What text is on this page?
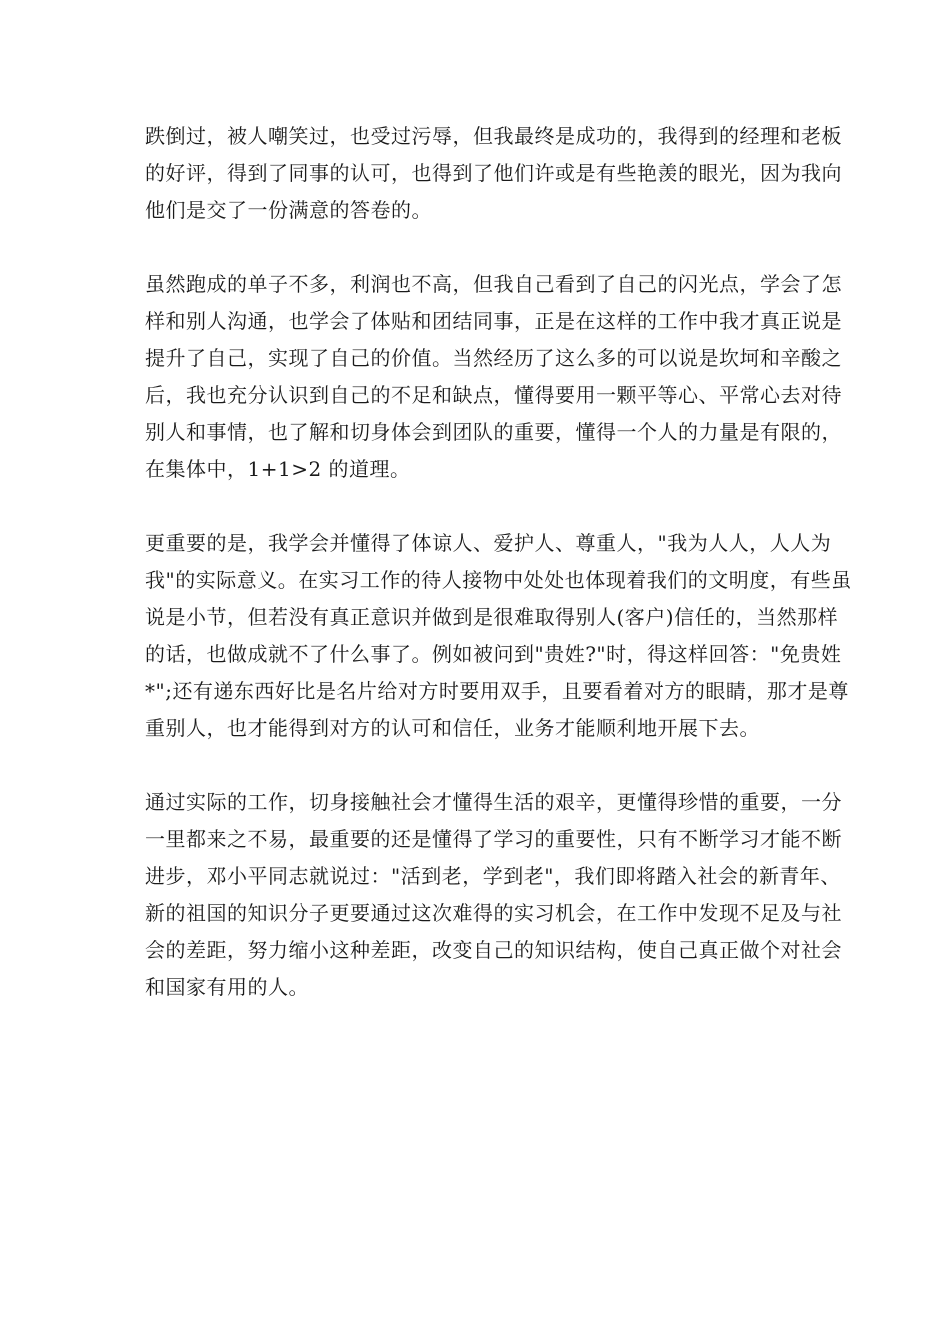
跌倒过，被人嘲笑过，也受过污辱，但我最终是成功的，我得到的经理和老板
的好评，得到了同事的认可，也得到了他们许或是有些艳羡的眼光，因为我向
他们是交了一份满意的答卷的。

虽然跑成的单子不多，利润也不高，但我自己看到了自己的闪光点，学会了怎
样和别人沟通，也学会了体贴和团结同事，正是在这样的工作中我才真正说是
提升了自己，实现了自己的价值。当然经历了这么多的可以说是坎坷和辛酸之
后，我也充分认识到自己的不足和缺点，懂得要用一颗平等心、平常心去对待
别人和事情，也了解和切身体会到团队的重要，懂得一个人的力量是有限的，
在集体中，1+1>2 的道理。

更重要的是，我学会并懂得了体谅人、爱护人、尊重人，"我为人人，人人为
我"的实际意义。在实习工作的待人接物中处处也体现着我们的文明度，有些虽
说是小节，但若没有真正意识并做到是很难取得别人(客户)信任的，当然那样
的话，也做成就不了什么事了。例如被问到"贵姓?"时，得这样回答："免贵姓
*";还有递东西好比是名片给对方时要用双手，且要看着对方的眼睛，那才是尊
重别人，也才能得到对方的认可和信任，业务才能顺利地开展下去。

通过实际的工作，切身接触社会才懂得生活的艰辛，更懂得珍惜的重要，一分
一里都来之不易，最重要的还是懂得了学习的重要性，只有不断学习才能不断
进步，邓小平同志就说过："活到老，学到老"，我们即将踏入社会的新青年、
新的祖国的知识分子更要通过这次难得的实习机会，在工作中发现不足及与社
会的差距，努力缩小这种差距，改变自己的知识结构，使自己真正做个对社会
和国家有用的人。
